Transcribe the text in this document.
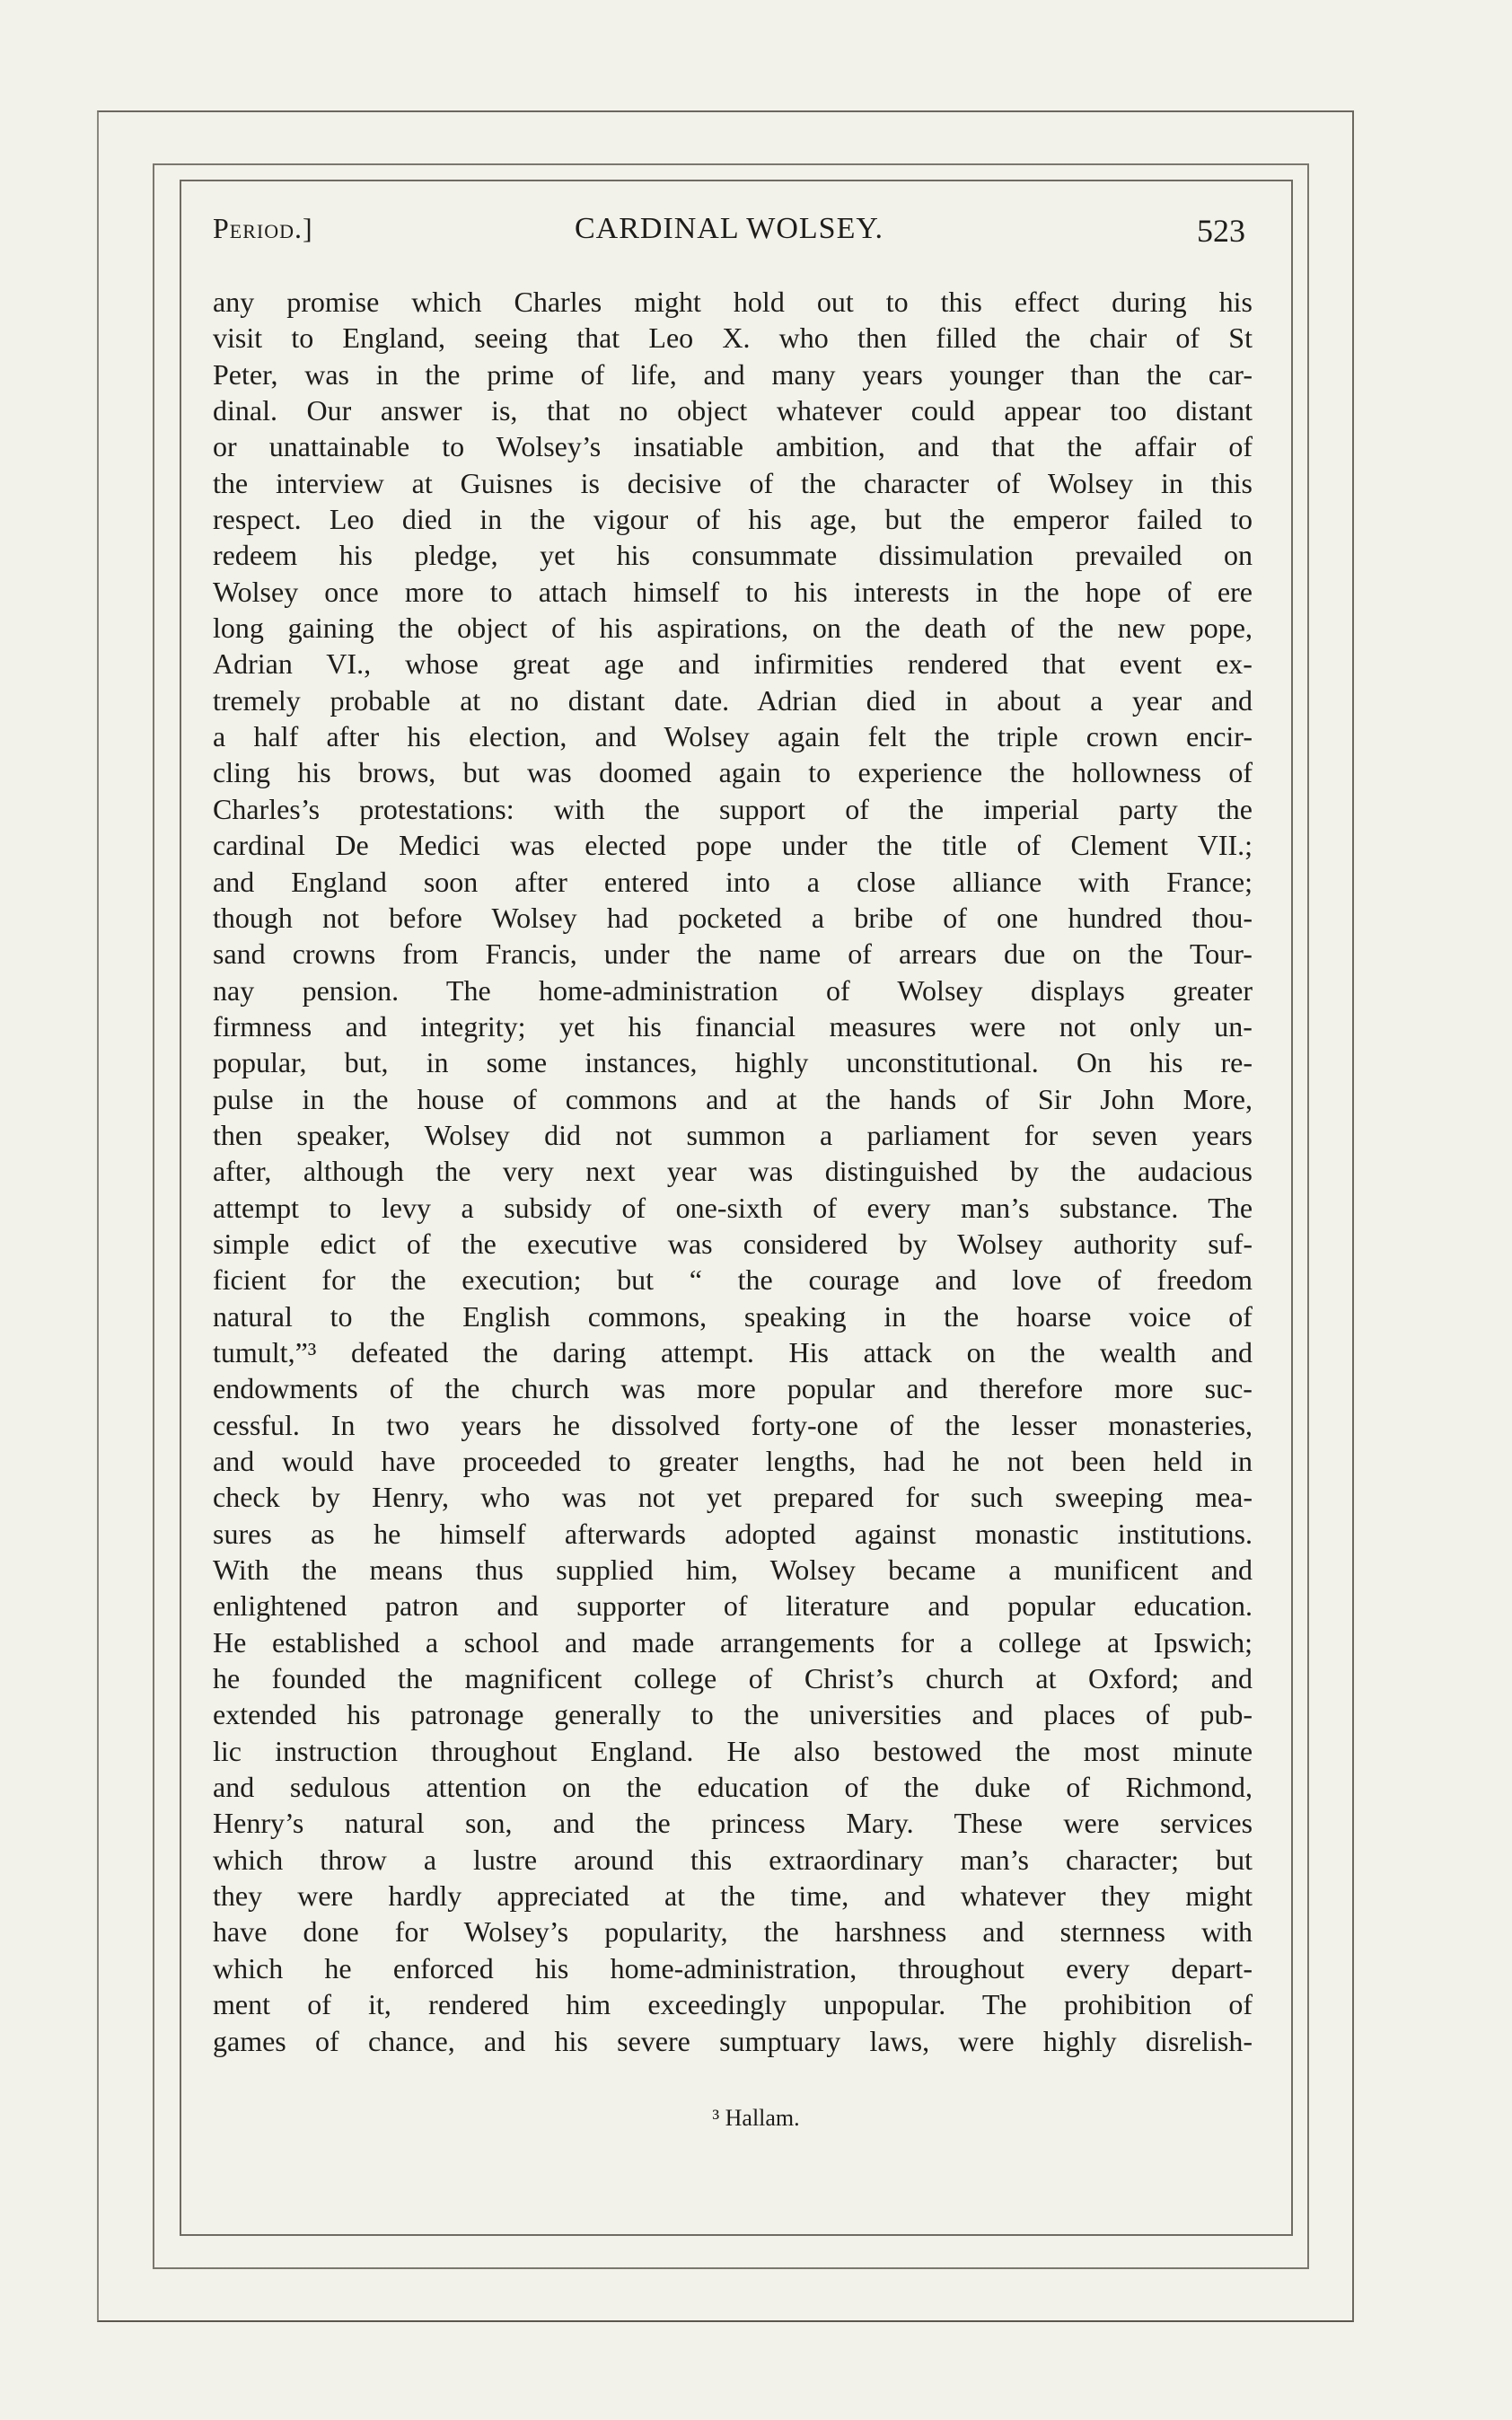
Period.]	CARDINAL WOLSEY.	523
any promise which Charles might hold out to this effect during his
visit to England, seeing that Leo X. who then filled the chair of St
Peter, was in the prime of life, and many years younger than the car-
dinal. Our answer is, that no object whatever could appear too distant
or unattainable to Wolsey’s insatiable ambition, and that the affair of
the interview at Guisnes is decisive of the character of Wolsey in this
respect. Leo died in the vigour of his age, but the emperor failed to
redeem his pledge, yet his consummate dissimulation prevailed on
Wolsey once more to attach himself to his interests in the hope of ere
long gaining the object of his aspirations, on the death of the new pope,
Adrian VI., whose great age and infirmities rendered that event ex-
tremely probable at no distant date. Adrian died in about a year and
a half after his election, and Wolsey again felt the triple crown encir-
cling his brows, but was doomed again to experience the hollowness of
Charles’s protestations: with the support of the imperial party the
cardinal De Medici was elected pope under the title of Clement VII.;
and England soon after entered into a close alliance with France;
though not before Wolsey had pocketed a bribe of one hundred thou-
sand crowns from Francis, under the name of arrears due on the Tour-
nay pension. The home-administration of Wolsey displays greater
firmness and integrity; yet his financial measures were not only un-
popular, but, in some instances, highly unconstitutional. On his re-
pulse in the house of commons and at the hands of Sir John More,
then speaker, Wolsey did not summon a parliament for seven years
after, although the very next year was distinguished by the audacious
attempt to levy a subsidy of one-sixth of every man’s substance. The
simple edict of the executive was considered by Wolsey authority suf-
ficient for the execution; but “ the courage and love of freedom
natural to the English commons, speaking in the hoarse voice of
tumult,”³ defeated the daring attempt. His attack on the wealth and
endowments of the church was more popular and therefore more suc-
cessful. In two years he dissolved forty-one of the lesser monasteries,
and would have proceeded to greater lengths, had he not been held in
check by Henry, who was not yet prepared for such sweeping mea-
sures as he himself afterwards adopted against monastic institutions.
With the means thus supplied him, Wolsey became a munificent and
enlightened patron and supporter of literature and popular education.
He established a school and made arrangements for a college at Ipswich;
he founded the magnificent college of Christ’s church at Oxford; and
extended his patronage generally to the universities and places of pub-
lic instruction throughout England. He also bestowed the most minute
and sedulous attention on the education of the duke of Richmond,
Henry’s natural son, and the princess Mary. These were services
which throw a lustre around this extraordinary man’s character; but
they were hardly appreciated at the time, and whatever they might
have done for Wolsey’s popularity, the harshness and sternness with
which he enforced his home-administration, throughout every depart-
ment of it, rendered him exceedingly unpopular. The prohibition of
games of chance, and his severe sumptuary laws, were highly disrelish-
³ Hallam.
